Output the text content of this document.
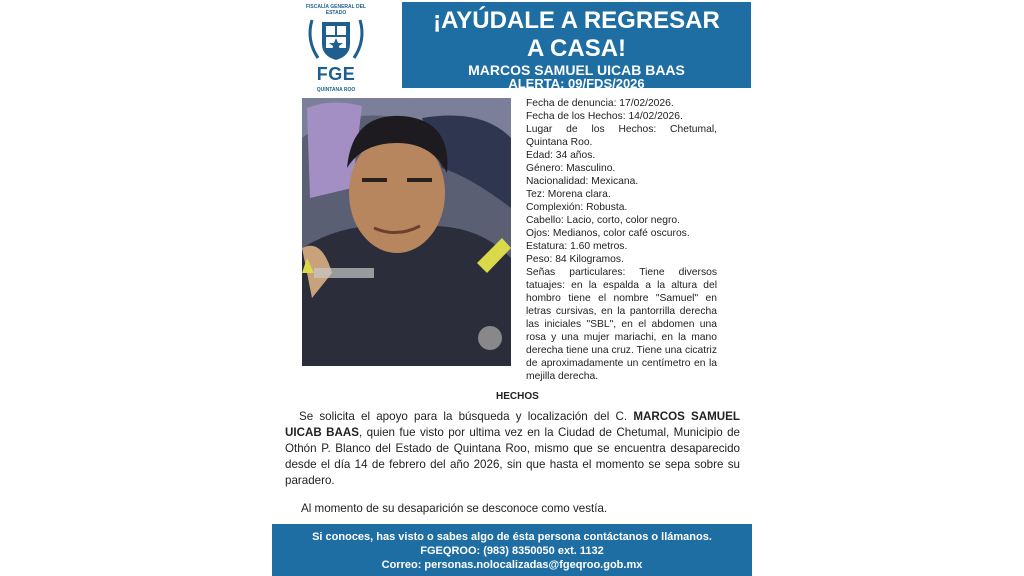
FISCALÍA GENERAL DEL ESTADO
FGE
QUINTANA ROO
¡AYÚDALE A REGRESAR
A CASA!
MARCOS SAMUEL UICAB BAAS
ALERTA: 09/FDS/2026
Fecha de denuncia: 17/02/2026.
Fecha de los Hechos: 14/02/2026.
Lugar de los Hechos: Chetumal, Quintana Roo.
Edad: 34 años.
Género: Masculino.
Nacionalidad: Mexicana.
Tez: Morena clara.
Complexión: Robusta.
Cabello: Lacio, corto, color negro.
Ojos: Medianos, color café oscuros.
Estatura: 1.60 metros.
Peso: 84 Kilogramos.
Señas particulares: Tiene diversos tatuajes: en la espalda a la altura del hombro tiene el nombre "Samuel" en letras cursivas, en la pantorrilla derecha las iniciales "SBL", en el abdomen una rosa y una mujer mariachi, en la mano derecha tiene una cruz. Tiene una cicatriz de aproximadamente un centímetro en la mejilla derecha.
HECHOS
Se solicita el apoyo para la búsqueda y localización del C. MARCOS SAMUEL UICAB BAAS, quien fue visto por ultima vez en la Ciudad de Chetumal, Municipio de Othón P. Blanco del Estado de Quintana Roo, mismo que se encuentra desaparecido desde el día 14 de febrero del año 2026, sin que hasta el momento se sepa sobre su paradero.
Al momento de su desaparición se desconoce como vestía.
Si conoces, has visto o sabes algo de ésta persona contáctanos o llámanos.
FGEQROO: (983) 8350050 ext. 1132
Correo: personas.nolocalizadas@fgeqroo.gob.mx
